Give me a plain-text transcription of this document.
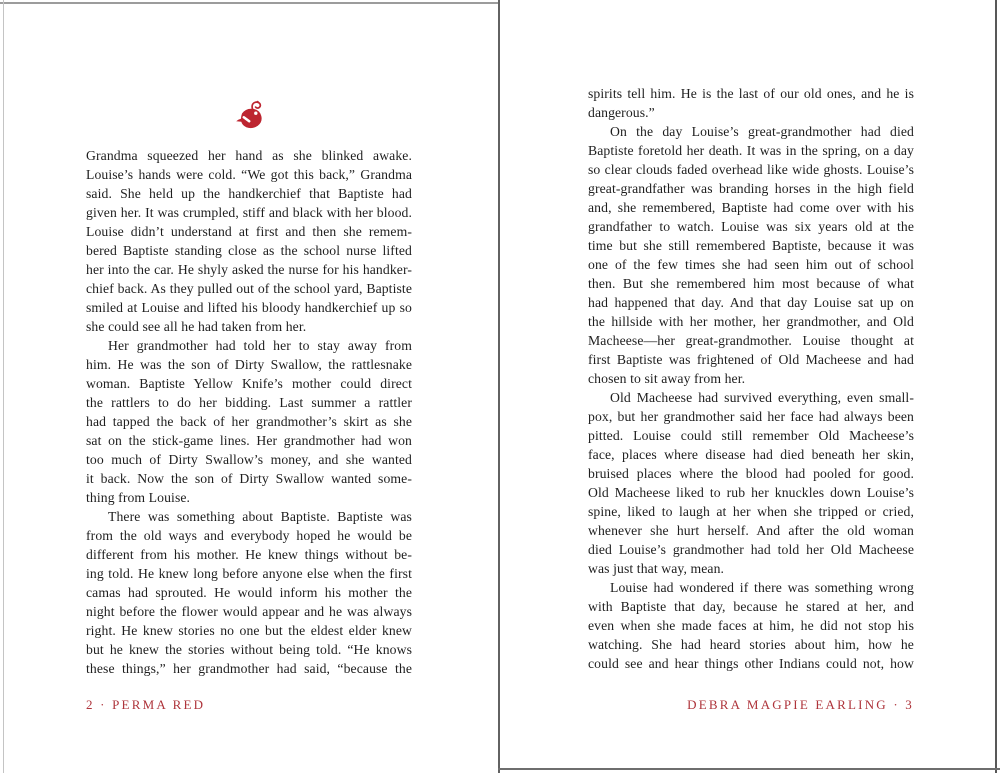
Grandma squeezed her hand as she blinked awake.
Louise’s hands were cold. “We got this back,” Grandma
said. She held up the handkerchief that Baptiste had
given her. It was crumpled, stiff and black with her blood.
Louise didn’t understand at first and then she remem-
bered Baptiste standing close as the school nurse lifted
her into the car. He shyly asked the nurse for his handker-
chief back. As they pulled out of the school yard, Baptiste
smiled at Louise and lifted his bloody handkerchief up so
she could see all he had taken from her.
Her grandmother had told her to stay away from
him. He was the son of Dirty Swallow, the rattlesnake
woman. Baptiste Yellow Knife’s mother could direct
the rattlers to do her bidding. Last summer a rattler
had tapped the back of her grandmother’s skirt as she
sat on the stick-game lines. Her grandmother had won
too much of Dirty Swallow’s money, and she wanted
it back. Now the son of Dirty Swallow wanted some-
thing from Louise.
There was something about Baptiste. Baptiste was
from the old ways and everybody hoped he would be
different from his mother. He knew things without be-
ing told. He knew long before anyone else when the first
camas had sprouted. He would inform his mother the
night before the flower would appear and he was always
right. He knew stories no one but the eldest elder knew
but he knew the stories without being told. “He knows
these things,” her grandmother had said, “because the
2 · PERMA RED
spirits tell him. He is the last of our old ones, and he is
dangerous.”
On the day Louise’s great-grandmother had died
Baptiste foretold her death. It was in the spring, on a day
so clear clouds faded overhead like wide ghosts. Louise’s
great-grandfather was branding horses in the high field
and, she remembered, Baptiste had come over with his
grandfather to watch. Louise was six years old at the
time but she still remembered Baptiste, because it was
one of the few times she had seen him out of school
then. But she remembered him most because of what
had happened that day. And that day Louise sat up on
the hillside with her mother, her grandmother, and Old
Macheese—her great-grandmother. Louise thought at
first Baptiste was frightened of Old Macheese and had
chosen to sit away from her.
Old Macheese had survived everything, even small-
pox, but her grandmother said her face had always been
pitted. Louise could still remember Old Macheese’s
face, places where disease had died beneath her skin,
bruised places where the blood had pooled for good.
Old Macheese liked to rub her knuckles down Louise’s
spine, liked to laugh at her when she tripped or cried,
whenever she hurt herself. And after the old woman
died Louise’s grandmother had told her Old Macheese
was just that way, mean.
Louise had wondered if there was something wrong
with Baptiste that day, because he stared at her, and
even when she made faces at him, he did not stop his
watching. She had heard stories about him, how he
could see and hear things other Indians could not, how
DEBRA MAGPIE EARLING · 3
